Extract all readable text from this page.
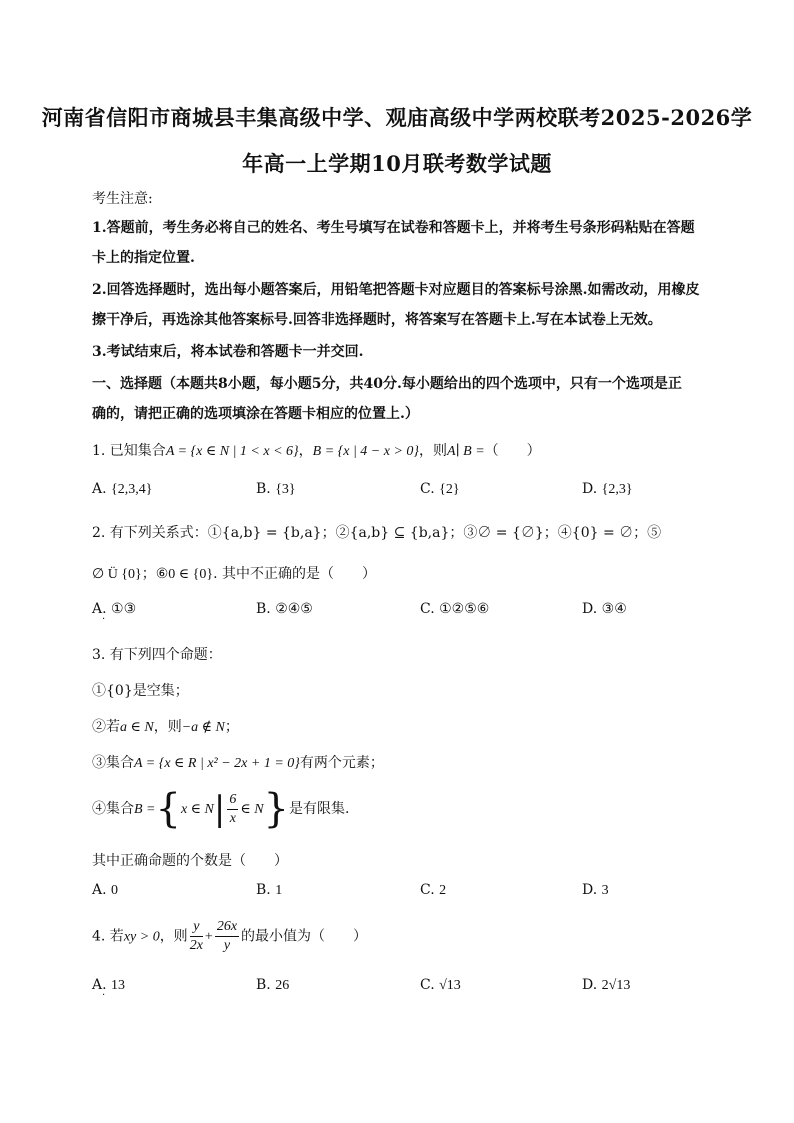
河南省信阳市商城县丰集高级中学、观庙高级中学两校联考2025-2026学
年高一上学期10月联考数学试题
考生注意:
1.答题前，考生务必将自己的姓名、考生号填写在试卷和答题卡上，并将考生号条形码粘贴在答题
卡上的指定位置.
2.回答选择题时，选出每小题答案后，用铅笔把答题卡对应题目的答案标号涂黑.如需改动，用橡皮
擦干净后，再选涂其他答案标号.回答非选择题时，将答案写在答题卡上.写在本试卷上无效。
3.考试结束后，将本试卷和答题卡一并交回.
一、选择题（本题共8小题，每小题5分，共40分.每小题给出的四个选项中，只有一个选项是正
确的，请把正确的选项填涂在答题卡相应的位置上.）
1. 已知集合A = {x ∈ N | 1 < x < 6}，B = {x | 4 − x > 0}，则A∣ B =（　　）
A. {2,3,4}	B. {3}	C. {2}	D. {2,3}
2. 有下列关系式：①{a,b} = {b,a}；②{a,b} ⊆ {b,a}；③∅ = {∅}；④{0} = ∅；⑤
∅ Ü {0}；⑥0 ∈ {0}. 其中不正确的是（　　）
A. ①③
·
B. ②④⑤	C. ①②⑤⑥	D. ③④
3. 有下列四个命题：
①{0}是空集；
②若a ∈ N，则−a ∉ N；
③集合A = {x ∈ R | x² − 2x + 1 = 0}有两个元素；
④集合B ={x ∈ $N| \frac{6}{x}$ ∈ N}是有限集.
其中正确命题的个数是（　　）
A. 0	B. 1	C. 2	D. 3
4. 若xy > 0，则 $\frac{y}{2x} + \frac{26x}{y}$ 的最小值为（　　）
A. 13
·
B. 26	C. √13	D. 2√13
